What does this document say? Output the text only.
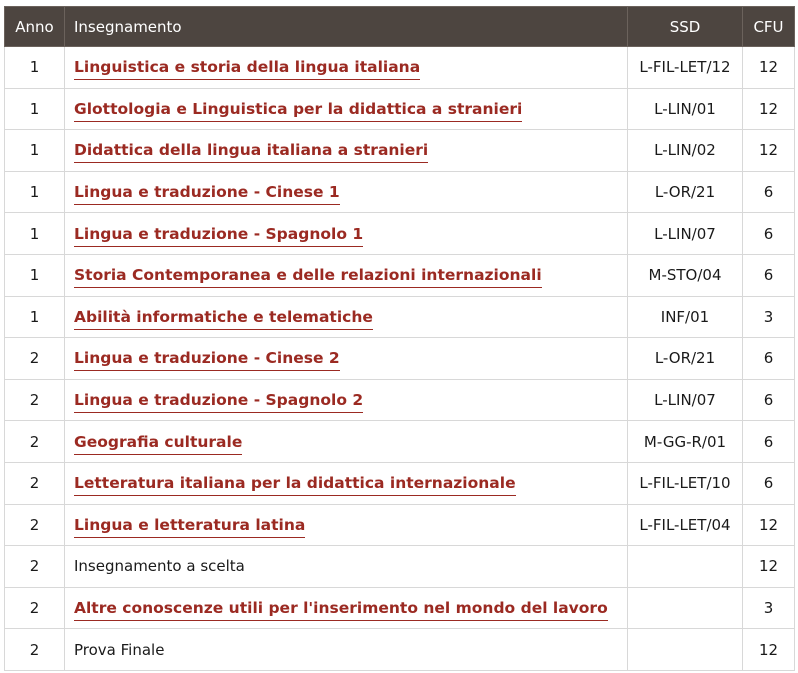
Anno	Insegnamento	SSD	CFU
1	Linguistica e storia della lingua italiana	L-FIL-LET/12	12
1	Glottologia e Linguistica per la didattica a stranieri	L-LIN/01	12
1	Didattica della lingua italiana a stranieri	L-LIN/02	12
1	Lingua e traduzione - Cinese 1	L-OR/21	6
1	Lingua e traduzione - Spagnolo 1	L-LIN/07	6
1	Storia Contemporanea e delle relazioni internazionali	M-STO/04	6
1	Abilità informatiche e telematiche	INF/01	3
2	Lingua e traduzione - Cinese 2	L-OR/21	6
2	Lingua e traduzione - Spagnolo 2	L-LIN/07	6
2	Geografia culturale	M-GG-R/01	6
2	Letteratura italiana per la didattica internazionale	L-FIL-LET/10	6
2	Lingua e letteratura latina	L-FIL-LET/04	12
2	Insegnamento a scelta		12
2	Altre conoscenze utili per l'inserimento nel mondo del lavoro		3
2	Prova Finale		12
